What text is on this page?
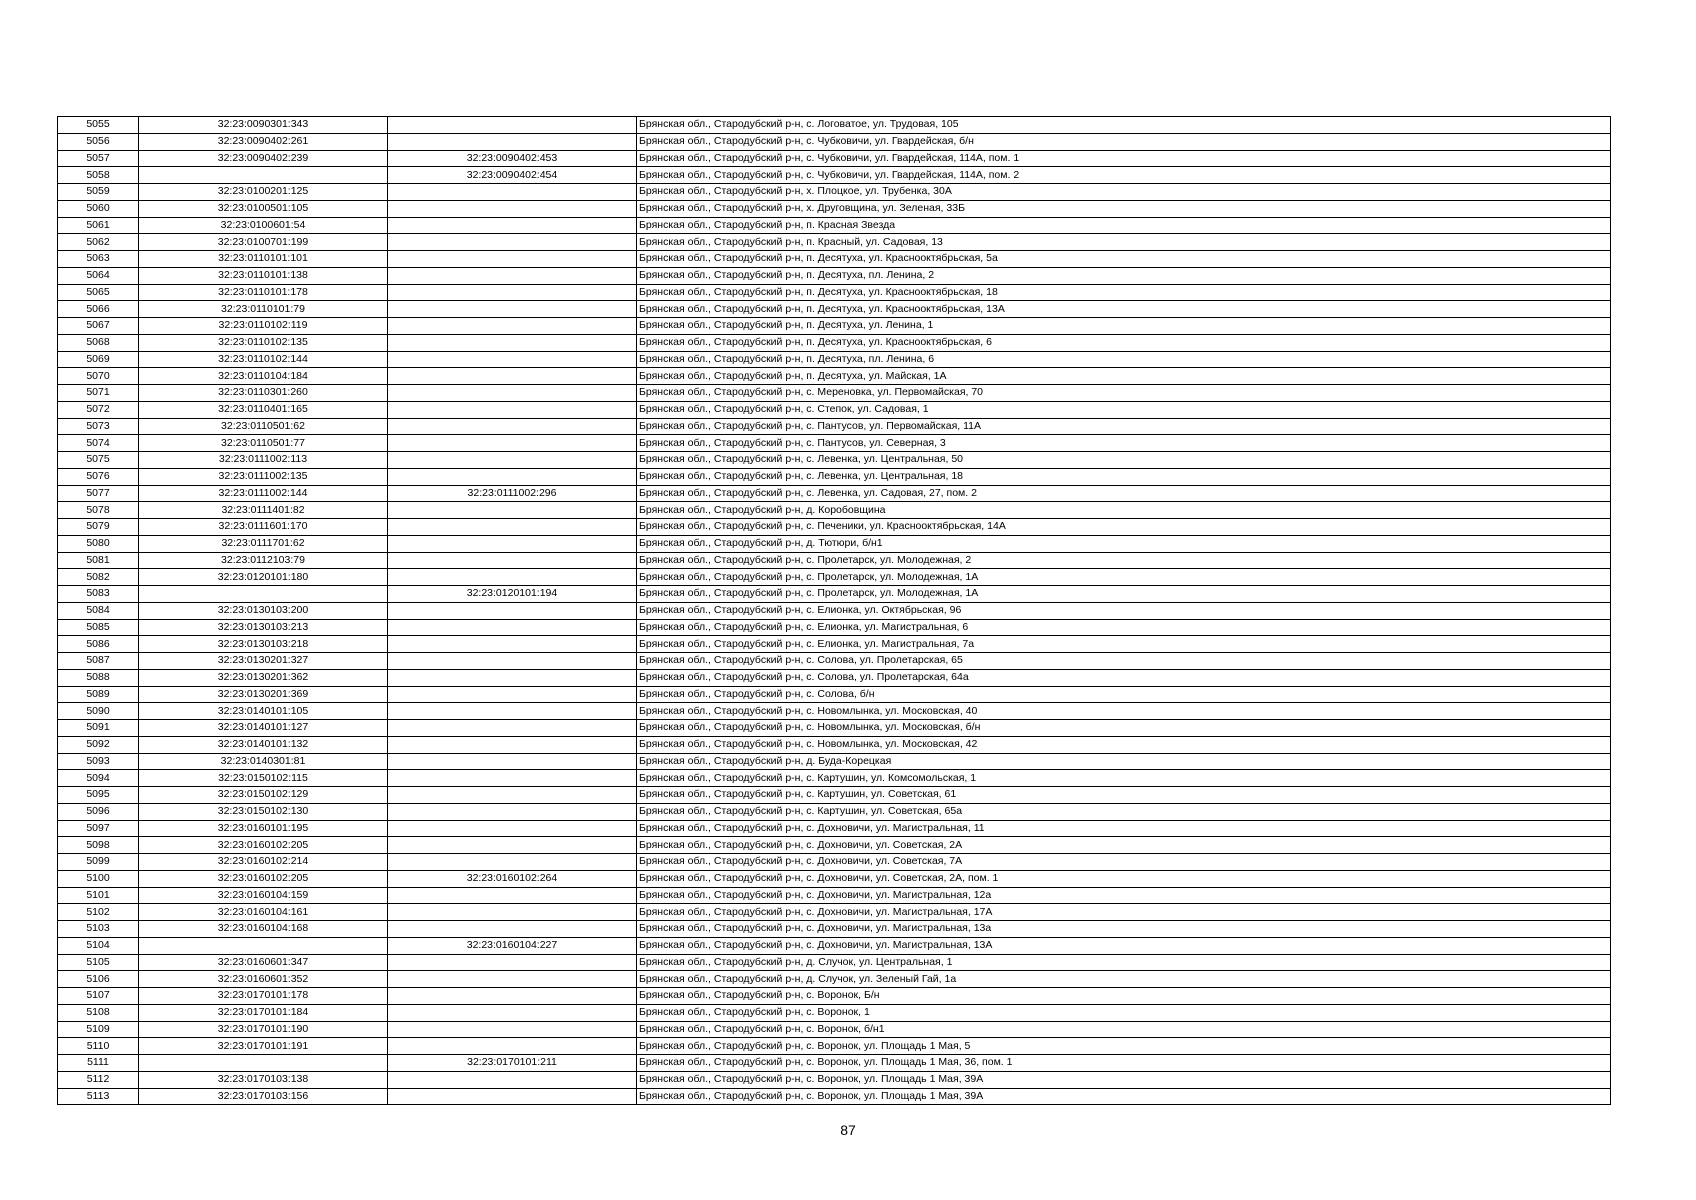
5055	32:23:0090301:343		Брянская обл., Стародубский р-н, с. Логоватое, ул. Трудовая, 105
5056	32:23:0090402:261		Брянская обл., Стародубский р-н, с. Чубковичи, ул. Гвардейская, б/н
5057	32:23:0090402:239	32:23:0090402:453	Брянская обл., Стародубский р-н, с. Чубковичи, ул. Гвардейская, 114А, пом. 1
5058		32:23:0090402:454	Брянская обл., Стародубский р-н, с. Чубковичи, ул. Гвардейская, 114А, пом. 2
5059	32:23:0100201:125		Брянская обл., Стародубский р-н, х. Плоцкое, ул. Трубенка, 30А
5060	32:23:0100501:105		Брянская обл., Стародубский р-н, х. Друговщина, ул. Зеленая, 33Б
5061	32:23:0100601:54		Брянская обл., Стародубский р-н, п. Красная Звезда
5062	32:23:0100701:199		Брянская обл., Стародубский р-н, п. Красный, ул. Садовая, 13
5063	32:23:0110101:101		Брянская обл., Стародубский р-н, п. Десятуха, ул. Краснооктябрьская, 5а
5064	32:23:0110101:138		Брянская обл., Стародубский р-н, п. Десятуха, пл. Ленина, 2
5065	32:23:0110101:178		Брянская обл., Стародубский р-н, п. Десятуха, ул. Краснооктябрьская, 18
5066	32:23:0110101:79		Брянская обл., Стародубский р-н, п. Десятуха, ул. Краснооктябрьская, 13А
5067	32:23:0110102:119		Брянская обл., Стародубский р-н, п. Десятуха, ул. Ленина, 1
5068	32:23:0110102:135		Брянская обл., Стародубский р-н, п. Десятуха, ул. Краснооктябрьская, 6
5069	32:23:0110102:144		Брянская обл., Стародубский р-н, п. Десятуха, пл. Ленина, 6
5070	32:23:0110104:184		Брянская обл., Стародубский р-н, п. Десятуха, ул. Майская, 1А
5071	32:23:0110301:260		Брянская обл., Стародубский р-н, с. Мереновка, ул. Первомайская, 70
5072	32:23:0110401:165		Брянская обл., Стародубский р-н, с. Степок, ул. Садовая, 1
5073	32:23:0110501:62		Брянская обл., Стародубский р-н, с. Пантусов, ул. Первомайская, 11А
5074	32:23:0110501:77		Брянская обл., Стародубский р-н, с. Пантусов, ул. Северная, 3
5075	32:23:0111002:113		Брянская обл., Стародубский р-н, с. Левенка, ул. Центральная, 50
5076	32:23:0111002:135		Брянская обл., Стародубский р-н, с. Левенка, ул. Центральная, 18
5077	32:23:0111002:144	32:23:0111002:296	Брянская обл., Стародубский р-н, с. Левенка, ул. Садовая, 27, пом. 2
5078	32:23:0111401:82		Брянская обл., Стародубский р-н, д. Коробовщина
5079	32:23:0111601:170		Брянская обл., Стародубский р-н, с. Печеники, ул. Краснооктябрьская, 14А
5080	32:23:0111701:62		Брянская обл., Стародубский р-н, д. Тютюри, б/н1
5081	32:23:0112103:79		Брянская обл., Стародубский р-н, с. Пролетарск, ул. Молодежная, 2
5082	32:23:0120101:180		Брянская обл., Стародубский р-н, с. Пролетарск, ул. Молодежная, 1А
5083		32:23:0120101:194	Брянская обл., Стародубский р-н, с. Пролетарск, ул. Молодежная, 1А
5084	32:23:0130103:200		Брянская обл., Стародубский р-н, с. Елионка, ул. Октябрьская, 96
5085	32:23:0130103:213		Брянская обл., Стародубский р-н, с. Елионка, ул. Магистральная, 6
5086	32:23:0130103:218		Брянская обл., Стародубский р-н, с. Елионка, ул. Магистральная, 7а
5087	32:23:0130201:327		Брянская обл., Стародубский р-н, с. Солова, ул. Пролетарская, 65
5088	32:23:0130201:362		Брянская обл., Стародубский р-н, с. Солова, ул. Пролетарская, 64а
5089	32:23:0130201:369		Брянская обл., Стародубский р-н, с. Солова, б/н
5090	32:23:0140101:105		Брянская обл., Стародубский р-н, с. Новомлынка, ул. Московская, 40
5091	32:23:0140101:127		Брянская обл., Стародубский р-н, с. Новомлынка, ул. Московская, б/н
5092	32:23:0140101:132		Брянская обл., Стародубский р-н, с. Новомлынка, ул. Московская, 42
5093	32:23:0140301:81		Брянская обл., Стародубский р-н, д. Буда-Корецкая
5094	32:23:0150102:115		Брянская обл., Стародубский р-н, с. Картушин, ул. Комсомольская, 1
5095	32:23:0150102:129		Брянская обл., Стародубский р-н, с. Картушин, ул. Советская, 61
5096	32:23:0150102:130		Брянская обл., Стародубский р-н, с. Картушин, ул. Советская, 65а
5097	32:23:0160101:195		Брянская обл., Стародубский р-н, с. Дохновичи, ул. Магистральная, 11
5098	32:23:0160102:205		Брянская обл., Стародубский р-н, с. Дохновичи, ул. Советская, 2А
5099	32:23:0160102:214		Брянская обл., Стародубский р-н, с. Дохновичи, ул. Советская, 7А
5100	32:23:0160102:205	32:23:0160102:264	Брянская обл., Стародубский р-н, с. Дохновичи, ул. Советская, 2А, пом. 1
5101	32:23:0160104:159		Брянская обл., Стародубский р-н, с. Дохновичи, ул. Магистральная, 12а
5102	32:23:0160104:161		Брянская обл., Стародубский р-н, с. Дохновичи, ул. Магистральная, 17А
5103	32:23:0160104:168		Брянская обл., Стародубский р-н, с. Дохновичи, ул. Магистральная, 13а
5104		32:23:0160104:227	Брянская обл., Стародубский р-н, с. Дохновичи, ул. Магистральная, 13А
5105	32:23:0160601:347		Брянская обл., Стародубский р-н, д. Случок, ул. Центральная, 1
5106	32:23:0160601:352		Брянская обл., Стародубский р-н, д. Случок, ул. Зеленый Гай, 1а
5107	32:23:0170101:178		Брянская обл., Стародубский р-н, с. Воронок, Б/н
5108	32:23:0170101:184		Брянская обл., Стародубский р-н, с. Воронок, 1
5109	32:23:0170101:190		Брянская обл., Стародубский р-н, с. Воронок, б/н1
5110	32:23:0170101:191		Брянская обл., Стародубский р-н, с. Воронок, ул. Площадь 1 Мая, 5
5111		32:23:0170101:211	Брянская обл., Стародубский р-н, с. Воронок, ул. Площадь 1 Мая, 36, пом. 1
5112	32:23:0170103:138		Брянская обл., Стародубский р-н, с. Воронок, ул. Площадь 1 Мая, 39А
5113	32:23:0170103:156		Брянская обл., Стародубский р-н, с. Воронок, ул. Площадь 1 Мая, 39А
87
